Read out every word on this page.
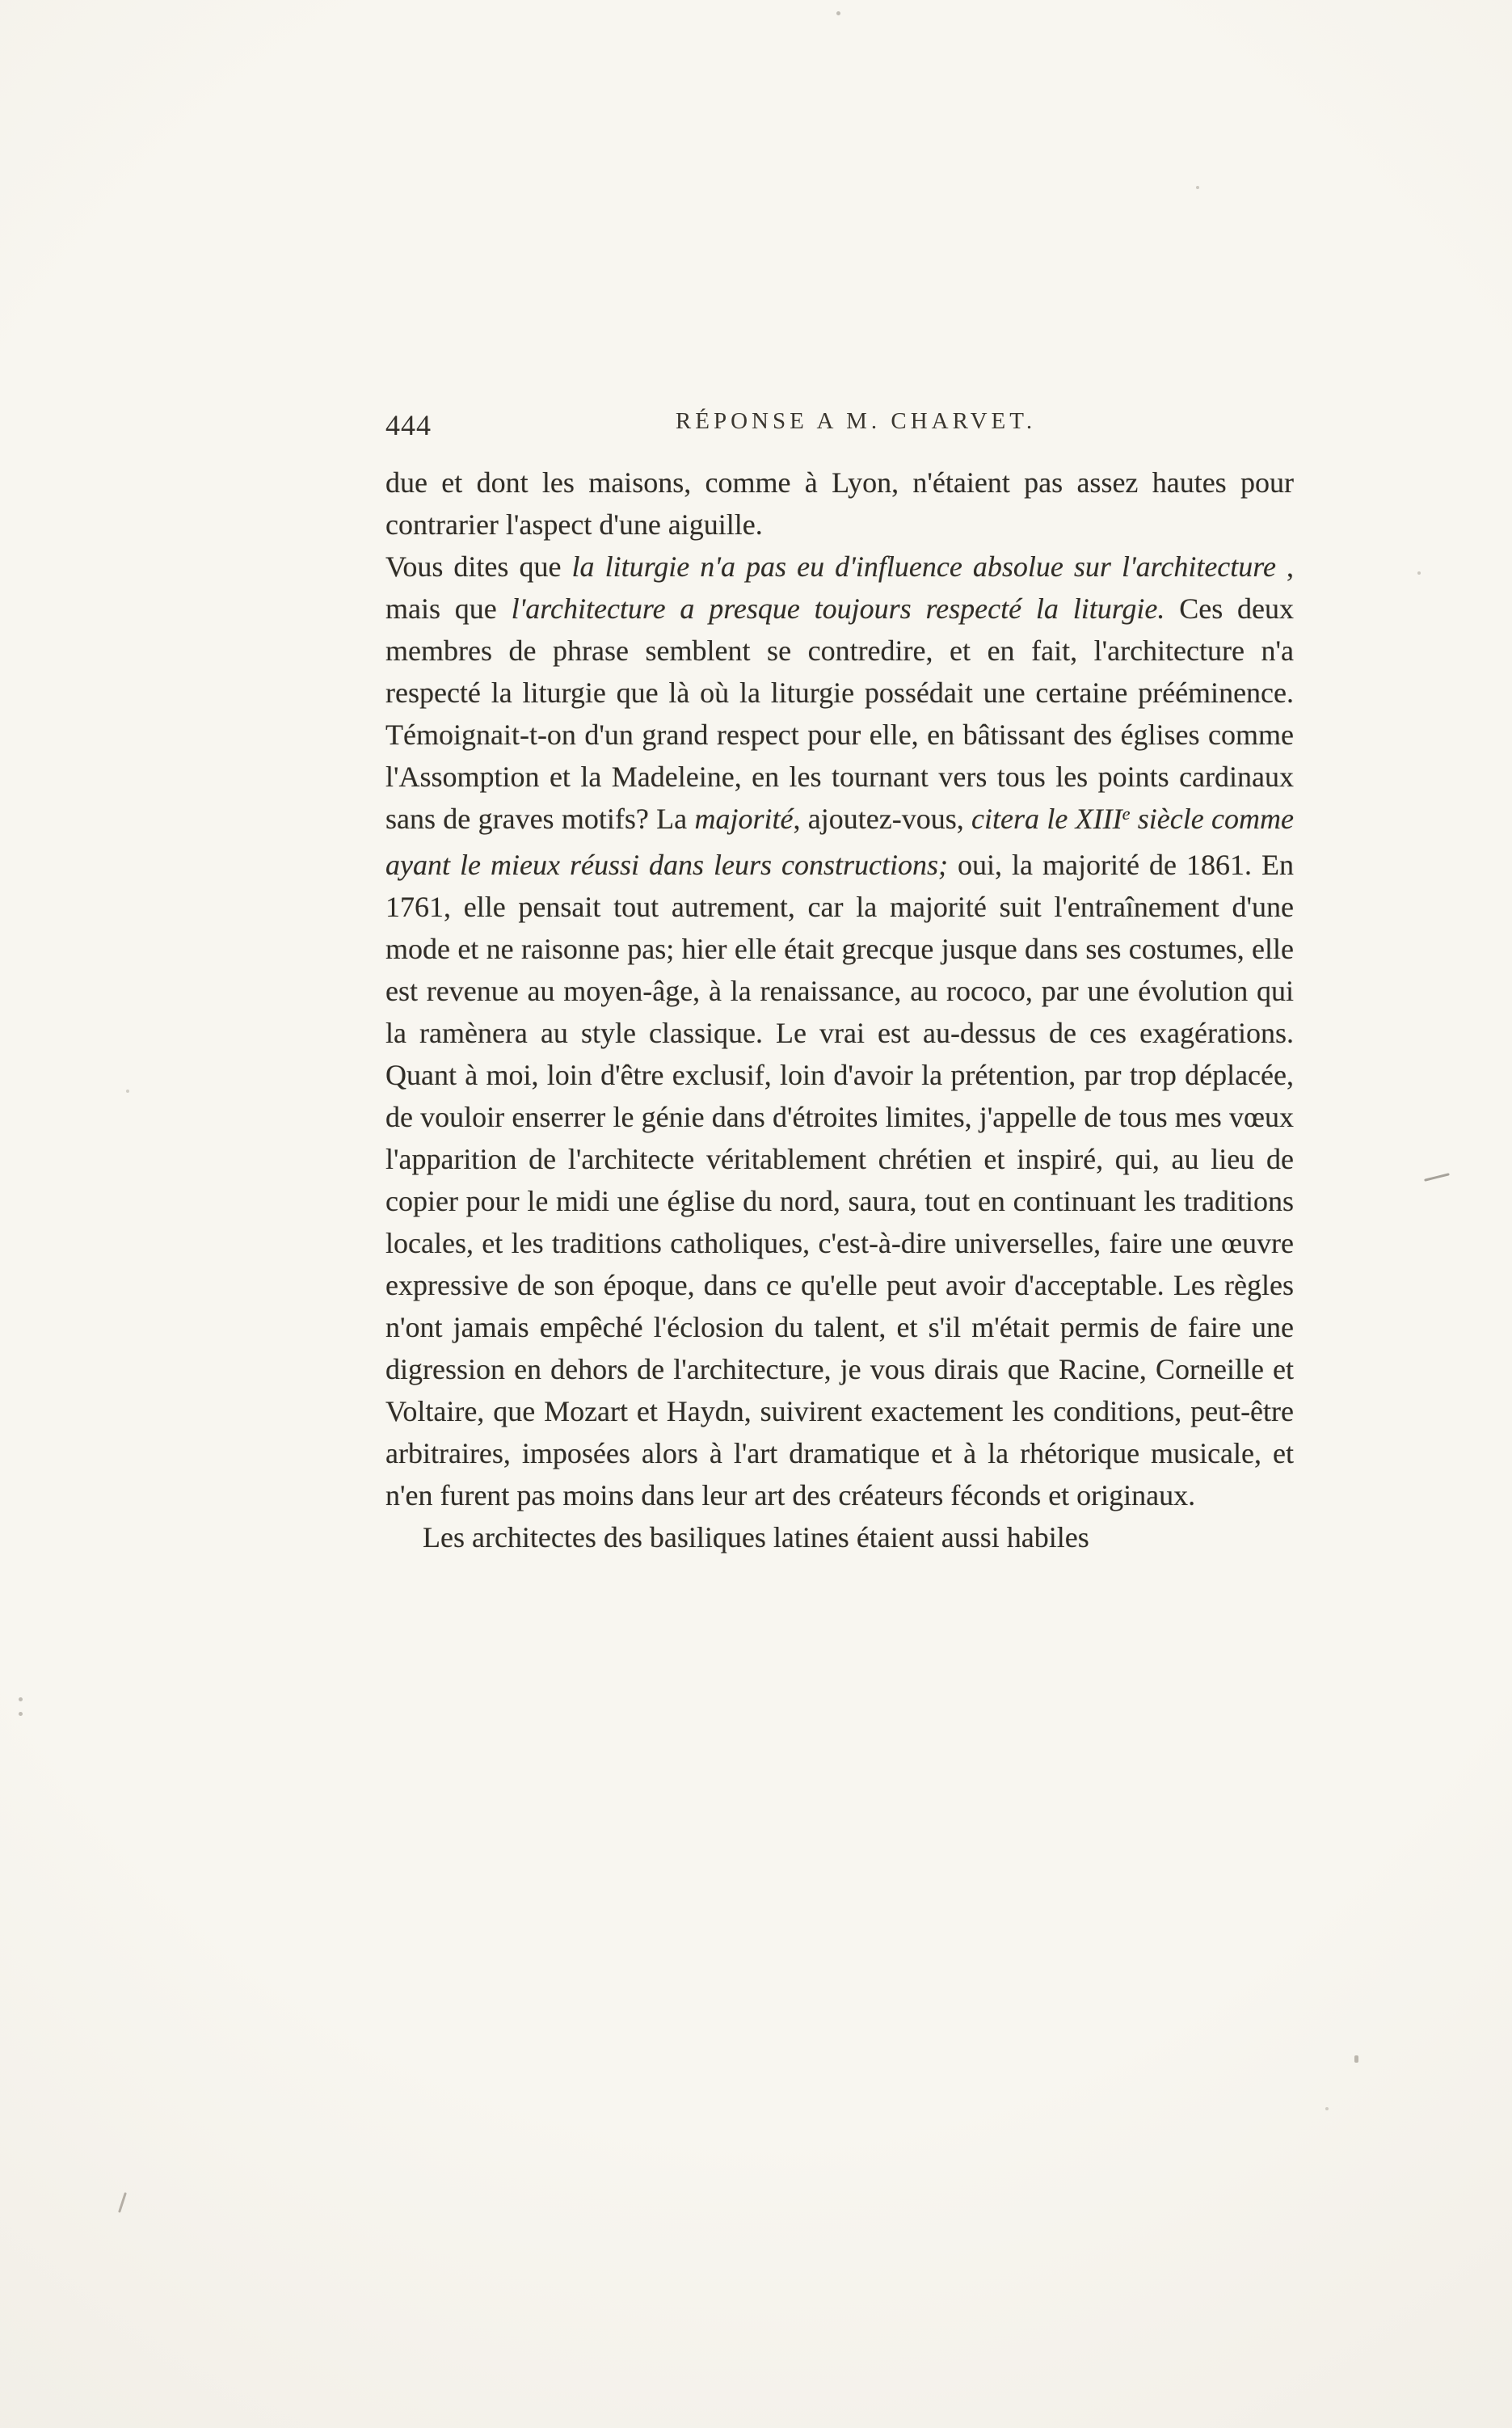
444	RÉPONSE A M. CHARVET.

due et dont les maisons, comme à Lyon, n'étaient pas assez hautes pour contrarier l'aspect d'une aiguille.

Vous dites que la liturgie n'a pas eu d'influence absolue sur l'architecture , mais que l'architecture a presque toujours respecté la liturgie. Ces deux membres de phrase semblent se contredire, et en fait, l'architecture n'a respecté la liturgie que là où la liturgie possédait une certaine prééminence. Témoignait-t-on d'un grand respect pour elle, en bâtissant des églises comme l'Assomption et la Madeleine, en les tournant vers tous les points cardinaux sans de graves motifs? La majorité, ajoutez-vous, citera le XIIIe siècle comme ayant le mieux réussi dans leurs constructions; oui, la majorité de 1861. En 1761, elle pensait tout autrement, car la majorité suit l'entraînement d'une mode et ne raisonne pas; hier elle était grecque jusque dans ses costumes, elle est revenue au moyen-âge, à la renaissance, au rococo, par une évolution qui la ramènera au style classique. Le vrai est au-dessus de ces exagérations. Quant à moi, loin d'être exclusif, loin d'avoir la prétention, par trop déplacée, de vouloir enserrer le génie dans d'étroites limites, j'appelle de tous mes vœux l'apparition de l'architecte véritablement chrétien et inspiré, qui, au lieu de copier pour le midi une église du nord, saura, tout en continuant les traditions locales, et les traditions catholiques, c'est-à-dire universelles, faire une œuvre expressive de son époque, dans ce qu'elle peut avoir d'acceptable. Les règles n'ont jamais empêché l'éclosion du talent, et s'il m'était permis de faire une digression en dehors de l'architecture, je vous dirais que Racine, Corneille et Voltaire, que Mozart et Haydn, suivirent exactement les conditions, peut-être arbitraires, imposées alors à l'art dramatique et à la rhétorique musicale, et n'en furent pas moins dans leur art des créateurs féconds et originaux.

Les architectes des basiliques latines étaient aussi habiles
